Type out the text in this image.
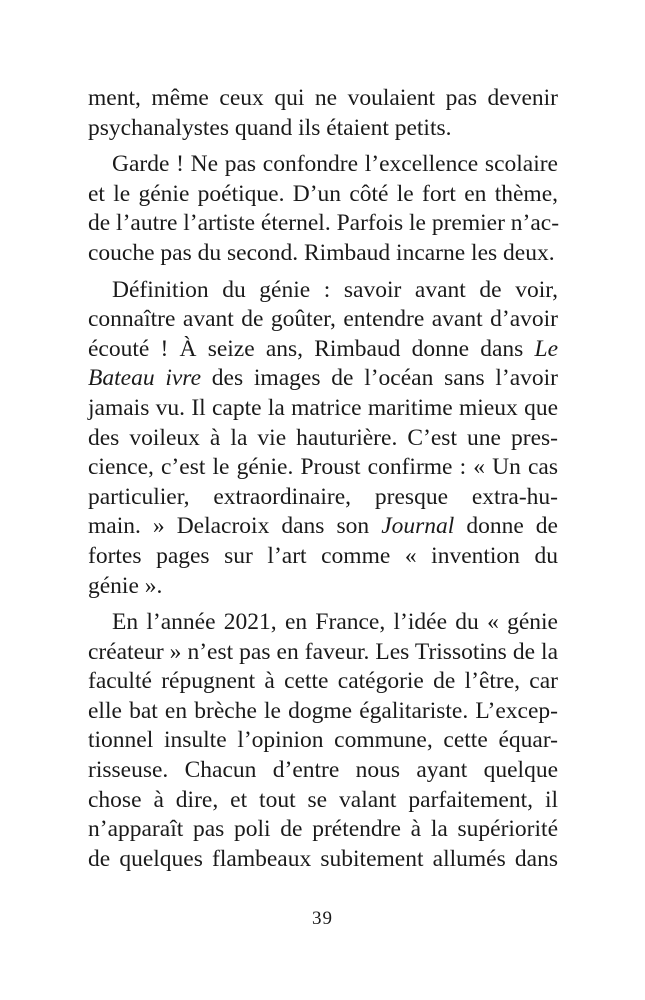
ment, même ceux qui ne voulaient pas devenir
psychanalystes quand ils étaient petits.
Garde ! Ne pas confondre l’excellence scolaire
et le génie poétique. D’un côté le fort en thème,
de l’autre l’artiste éternel. Parfois le premier n’ac-
couche pas du second. Rimbaud incarne les deux.
Définition du génie : savoir avant de voir,
connaître avant de goûter, entendre avant d’avoir
écouté ! À seize ans, Rimbaud donne dans Le
Bateau ivre des images de l’océan sans l’avoir
jamais vu. Il capte la matrice maritime mieux que
des voileux à la vie hauturière. C’est une pres-
cience, c’est le génie. Proust confirme : « Un cas
particulier, extraordinaire, presque extra-hu-
main. » Delacroix dans son Journal donne de
fortes pages sur l’art comme « invention du
génie ».
En l’année 2021, en France, l’idée du « génie
créateur » n’est pas en faveur. Les Trissotins de la
faculté répugnent à cette catégorie de l’être, car
elle bat en brèche le dogme égalitariste. L’excep-
tionnel insulte l’opinion commune, cette équar-
risseuse. Chacun d’entre nous ayant quelque
chose à dire, et tout se valant parfaitement, il
n’apparaît pas poli de prétendre à la supériorité
de quelques flambeaux subitement allumés dans
39
